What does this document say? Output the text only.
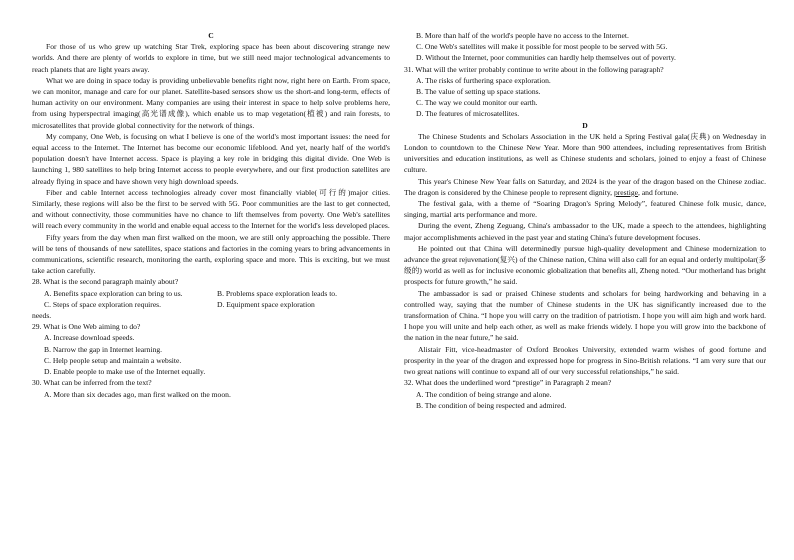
C

For those of us who grew up watching Star Trek, exploring space has been about discovering strange new worlds. And there are plenty of worlds to explore in time, but we still need major technological advancements to reach planets that are light years away.

What we are doing in space today is providing unbelievable benefits right now, right here on Earth. From space, we can monitor, manage and care for our planet. Satellite-based sensors show us the short-and long-term, effects of human activity on our environment. Many companies are using their interest in space to help solve problems here, from using hyperspectral imaging(高光谱成像), which enable us to map vegetation(植被) and rain forests, to microsatellites that provide global connectivity for the network of things.

My company, One Web, is focusing on what I believe is one of the world's most important issues: the need for equal access to the Internet. The Internet has become our economic lifeblood. And yet, nearly half of the world's population doesn't have Internet access. Space is playing a key role in bridging this digital divide. One Web is launching 1, 980 satellites to help bring Internet access to people everywhere, and our first production satellites are already flying in space and have shown very high download speeds.

Fiber and cable Internet access technologies already cover most financially viable(可行的)major cities. Similarly, these regions will also be the first to be served with 5G. Poor communities are the last to get connected, and without connectivity, those communities have no chance to lift themselves from poverty. One Web's satellites will reach every community in the world and enable equal access to the Internet for the world's less developed places.

Fifty years from the day when man first walked on the moon, we are still only approaching the possible. There will be tens of thousands of new satellites, space stations and factories in the coming years to bring advancements in communications, scientific research, monitoring the earth, exploring space and more. This is exciting, but we must take action carefully.

28. What is the second paragraph mainly about?

A. Benefits space exploration can bring to us.	B. Problems space exploration leads to.
C. Steps of space exploration requires.	D. Equipment space exploration

needs.

29. What is One Web aiming to do?

A. Increase download speeds.

B. Narrow the gap in Internet learning.

C. Help people setup and maintain a website.

D. Enable people to make use of the Internet equally.

30. What can be inferred from the text?

A. More than six decades ago, man first walked on the moon.

B. More than half of the world's people have no access to the Internet.

C. One Web's satellites will make it possible for most people to be served with 5G.

D. Without the Internet, poor communities can hardly help themselves out of poverty.

31. What will the writer probably continue to write about in the following paragraph?

A. The risks of furthering space exploration.

B. The value of setting up space stations.

C. The way we could monitor our earth.

D. The features of microsatellites.

D

The Chinese Students and Scholars Association in the UK held a Spring Festival gala(庆典) on Wednesday in London to countdown to the Chinese New Year. More than 900 attendees, including representatives from British universities and education institutions, as well as Chinese students and scholars, joined to enjoy a feast of Chinese culture.

This year's Chinese New Year falls on Saturday, and 2024 is the year of the dragon based on the Chinese zodiac. The dragon is considered by the Chinese people to represent dignity, prestige, and fortune.

The festival gala, with a theme of “Soaring Dragon's Spring Melody”, featured Chinese folk music, dance, singing, martial arts performance and more.

During the event, Zheng Zeguang, China's ambassador to the UK, made a speech to the attendees, highlighting major accomplishments achieved in the past year and stating China's future development focuses.

He pointed out that China will determinedly pursue high-quality development and Chinese modernization to advance the great rejuvenation(复兴) of the Chinese nation, China will also call for an equal and orderly multipolar(多级的) world as well as for inclusive economic globalization that benefits all, Zheng noted. “Our motherland has bright prospects for future growth,” he said.

The ambassador is sad or praised Chinese students and scholars for being hardworking and behaving in a controlled way, saying that the number of Chinese students in the UK has significantly increased due to the transformation of China. “I hope you will carry on the tradition of patriotism. I hope you will aim high and work hard. I hope you will unite and help each other, as well as make friends widely. I hope you will grow into the backbone of the nation in the near future,” he said.

Alistair Fitt, vice-headmaster of Oxford Brookes University, extended warm wishes of good fortune and prosperity in the year of the dragon and expressed hope for progress in Sino-British relations. “I am very sure that our two great nations will continue to expand all of our very successful relationships,” he said.

32. What does the underlined word “prestige” in Paragraph 2 mean?

A. The condition of being strange and alone.

B. The condition of being respected and admired.
